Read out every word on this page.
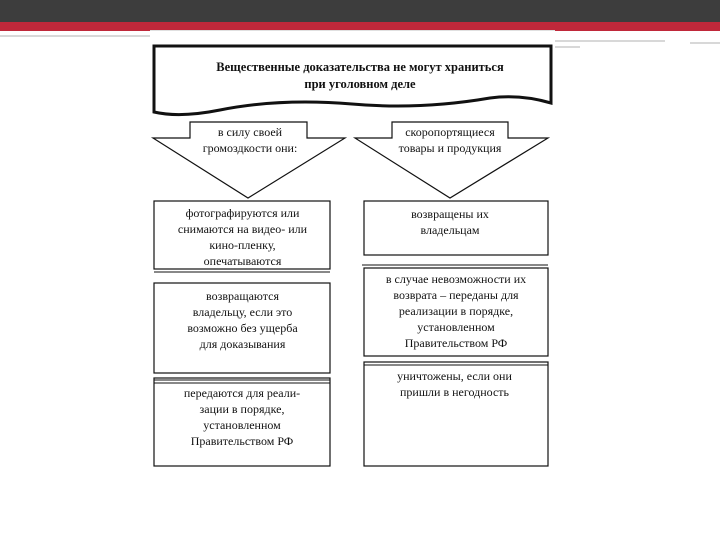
Вещественные доказательства не могут храниться при уголовном деле
в силу своей громоздкости они:
скоропортящиеся товары и продукция
фотографируются или снимаются на видео- или кино-пленку, опечатываются
возвращаются владельцу, если это возможно без ущерба для доказывания
передаются для реали-зации в порядке, установленном Правительством РФ
возвращены их владельцам
в случае невозможности их возврата – переданы для реализации в порядке, установленном Правительством РФ
уничтожены, если они пришли в негодность
